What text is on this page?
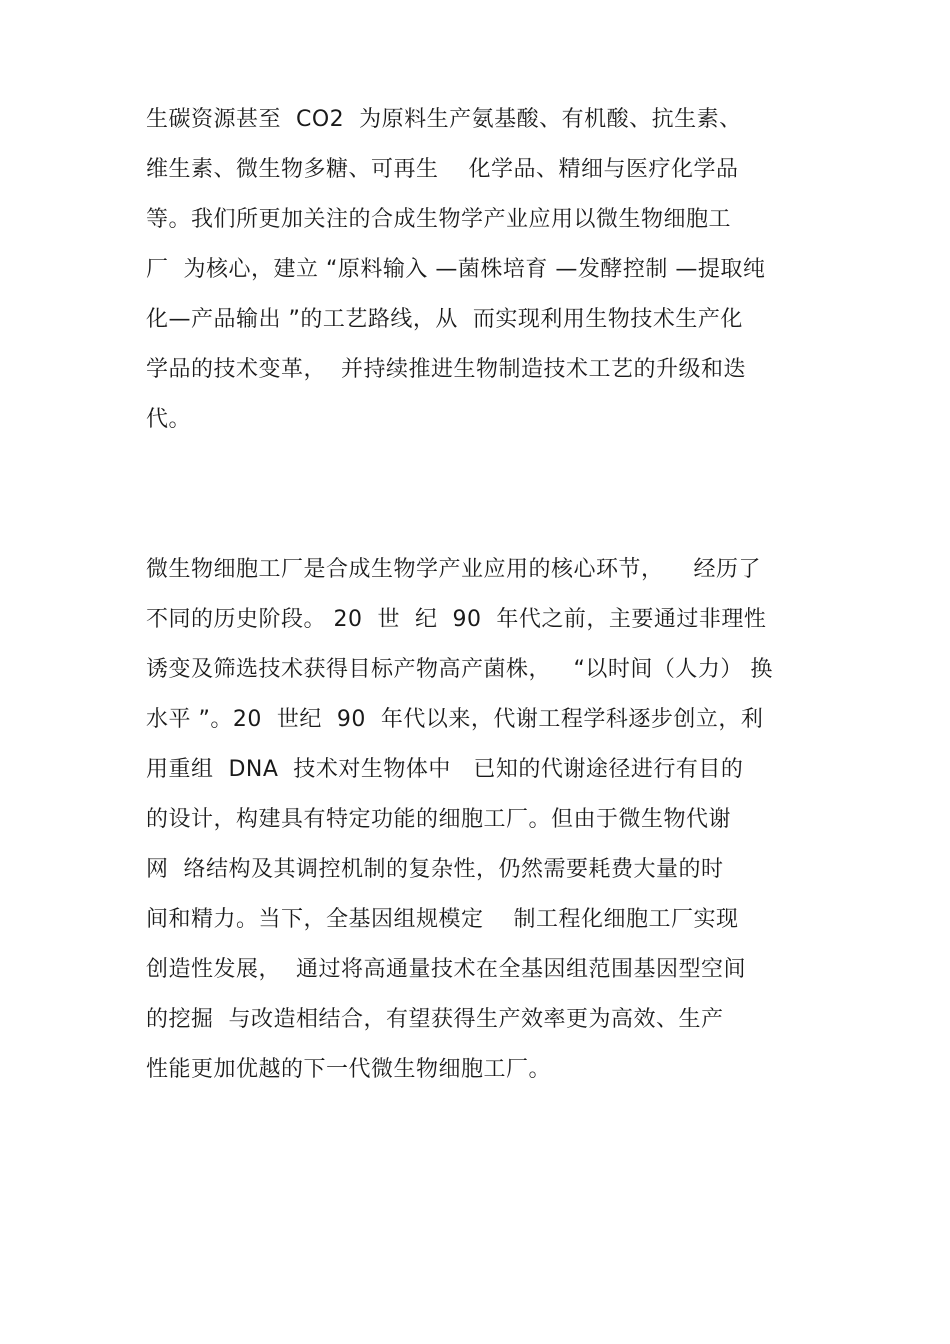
生碳资源甚至  CO2  为原料生产氨基酸、有机酸、抗生素、
维生素、微生物多糖、可再生    化学品、精细与医疗化学品
等。我们所更加关注的合成生物学产业应用以微生物细胞工
厂  为核心，建立 “原料输入 —菌株培育 —发酵控制 —提取纯
化—产品输出 ”的工艺路线，从  而实现利用生物技术生产化
学品的技术变革，  并持续推进生物制造技术工艺的升级和迭
代。
微生物细胞工厂是合成生物学产业应用的核心环节，    经历了
不同的历史阶段。 20  世  纪  90  年代之前，主要通过非理性
诱变及筛选技术获得目标产物高产菌株，   “以时间（人力） 换
水平 ”。20  世纪  90  年代以来，代谢工程学科逐步创立，利
用重组  DNA  技术对生物体中   已知的代谢途径进行有目的
的设计，构建具有特定功能的细胞工厂。但由于微生物代谢
网  络结构及其调控机制的复杂性，仍然需要耗费大量的时
间和精力。当下，全基因组规模定    制工程化细胞工厂实现
创造性发展，  通过将高通量技术在全基因组范围基因型空间
的挖掘  与改造相结合，有望获得生产效率更为高效、生产
性能更加优越的下一代微生物细胞工厂。
